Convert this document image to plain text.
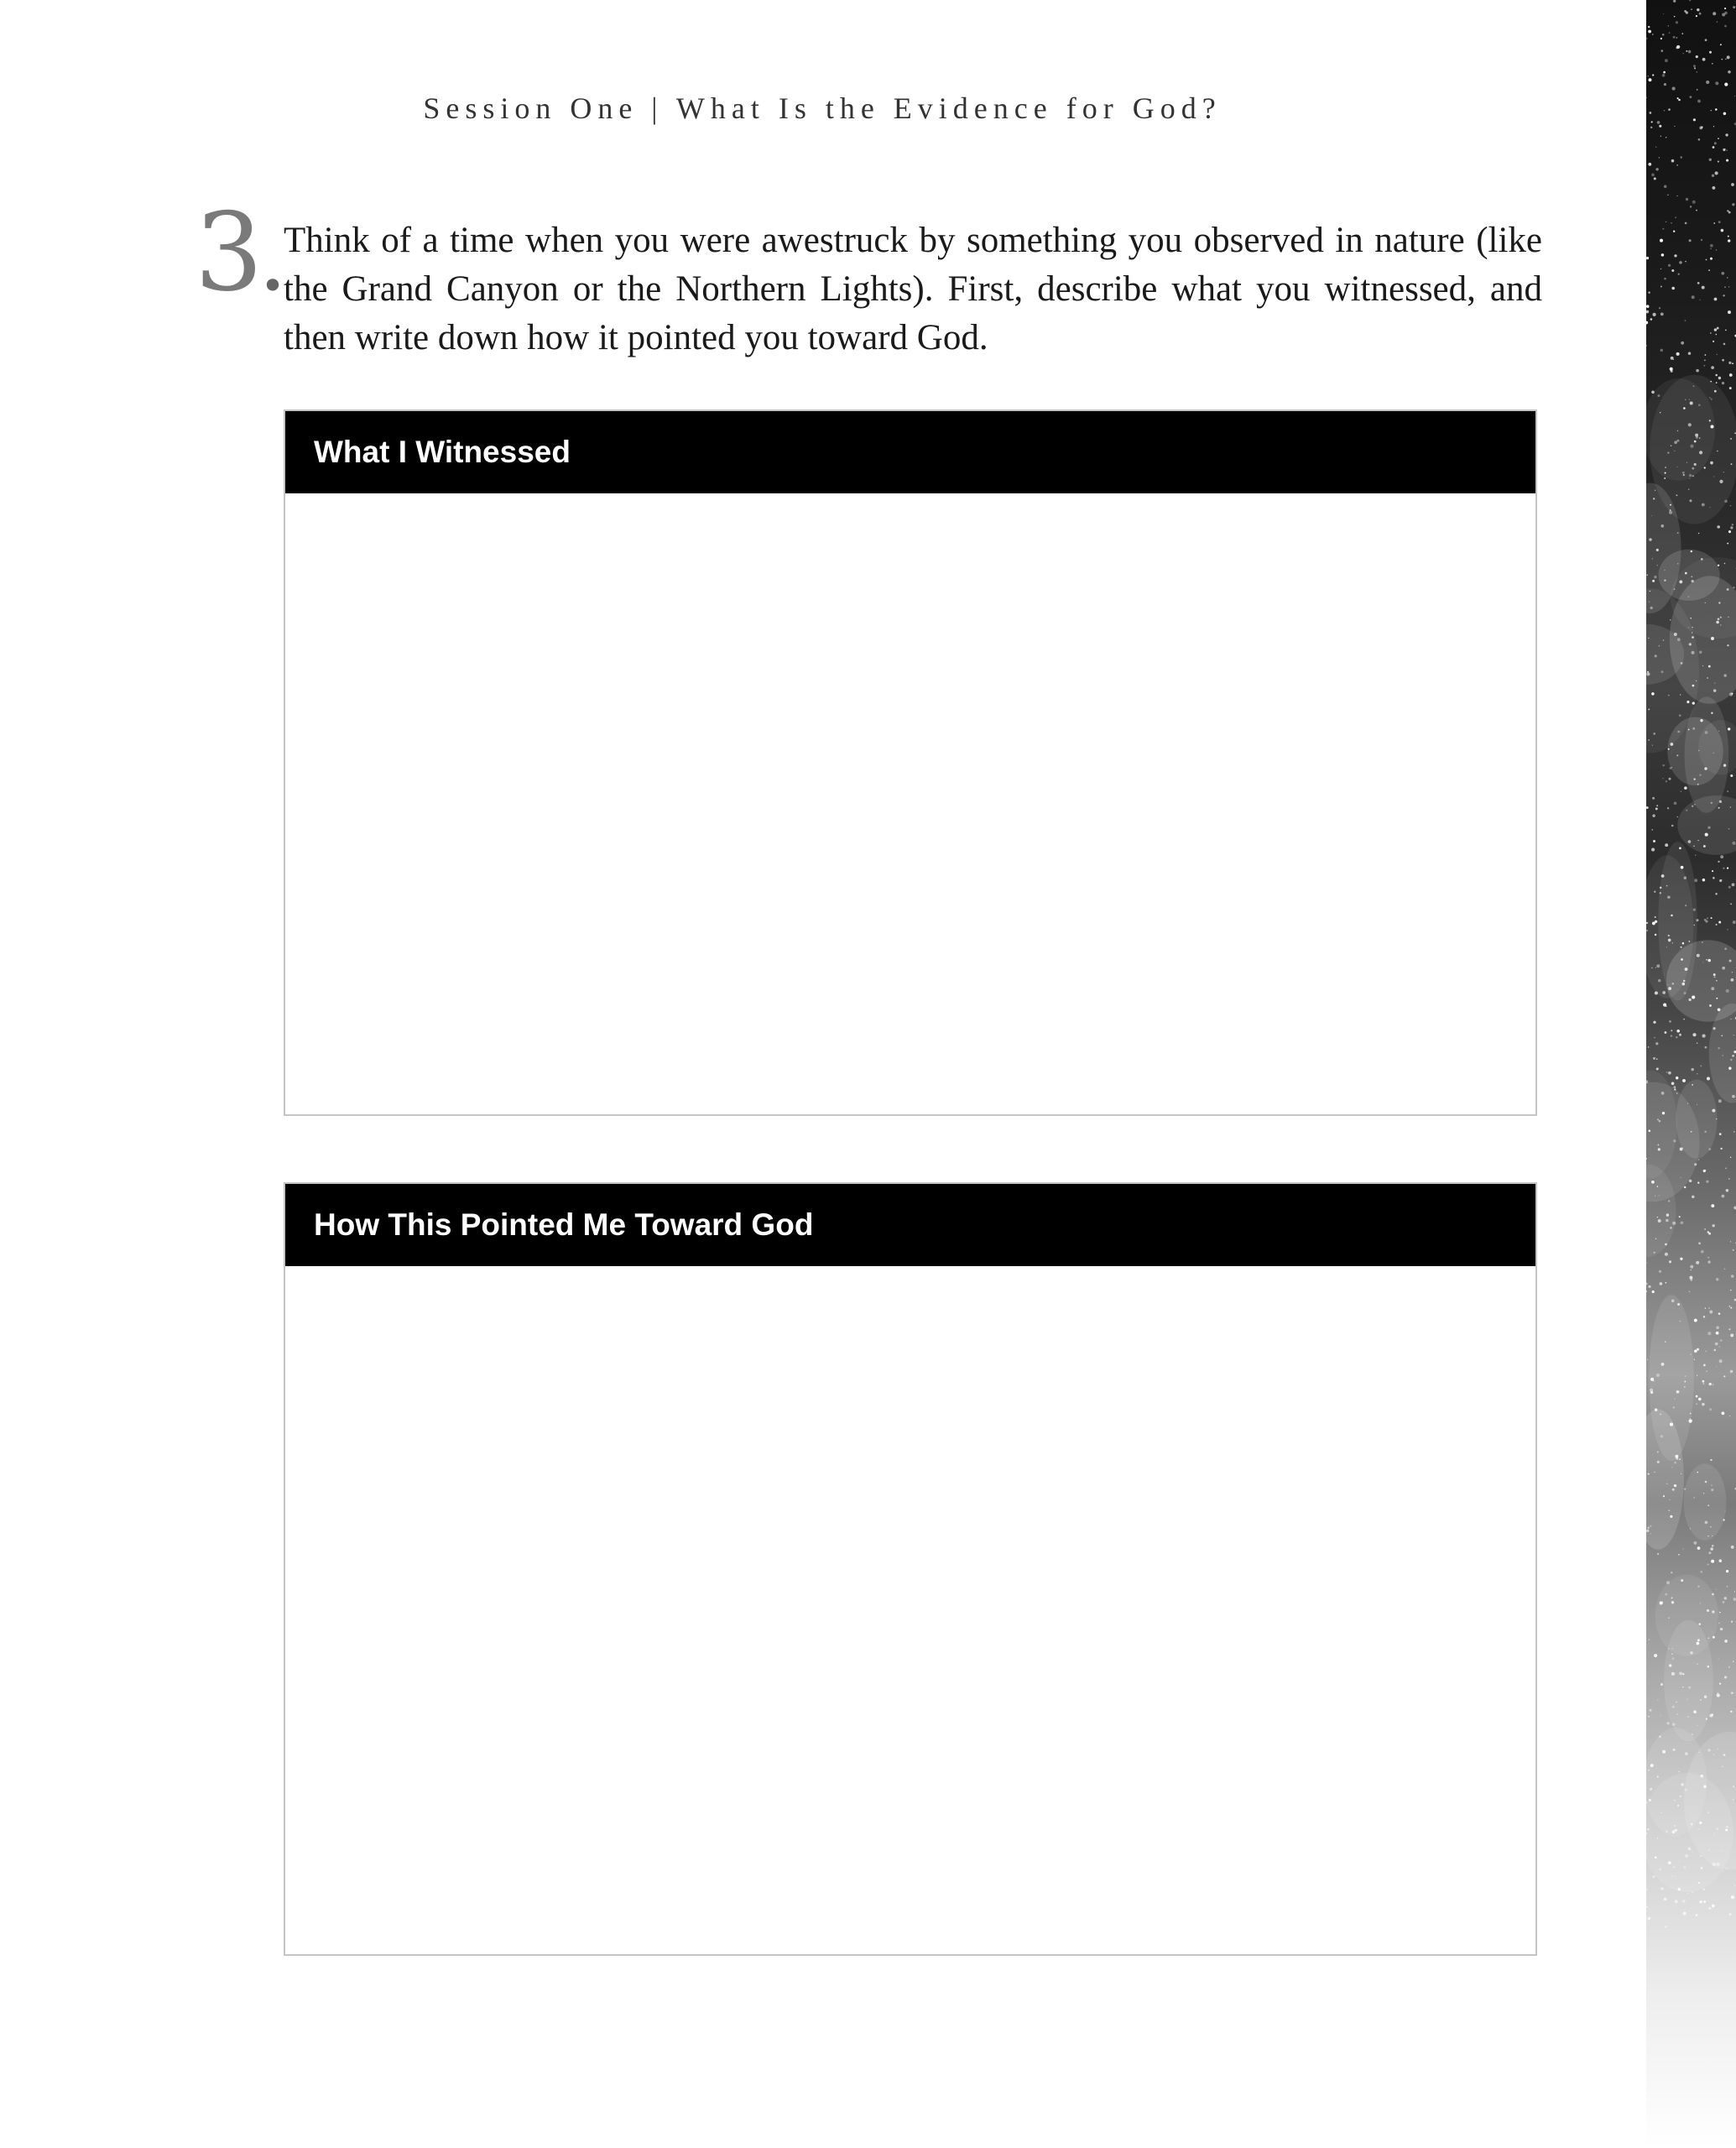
Session One | What Is the Evidence for God?
3.
Think of a time when you were awestruck by something you observed in nature (like the Grand Canyon or the Northern Lights). First, describe what you witnessed, and then write down how it pointed you toward God.
What I Witnessed
How This Pointed Me Toward God
